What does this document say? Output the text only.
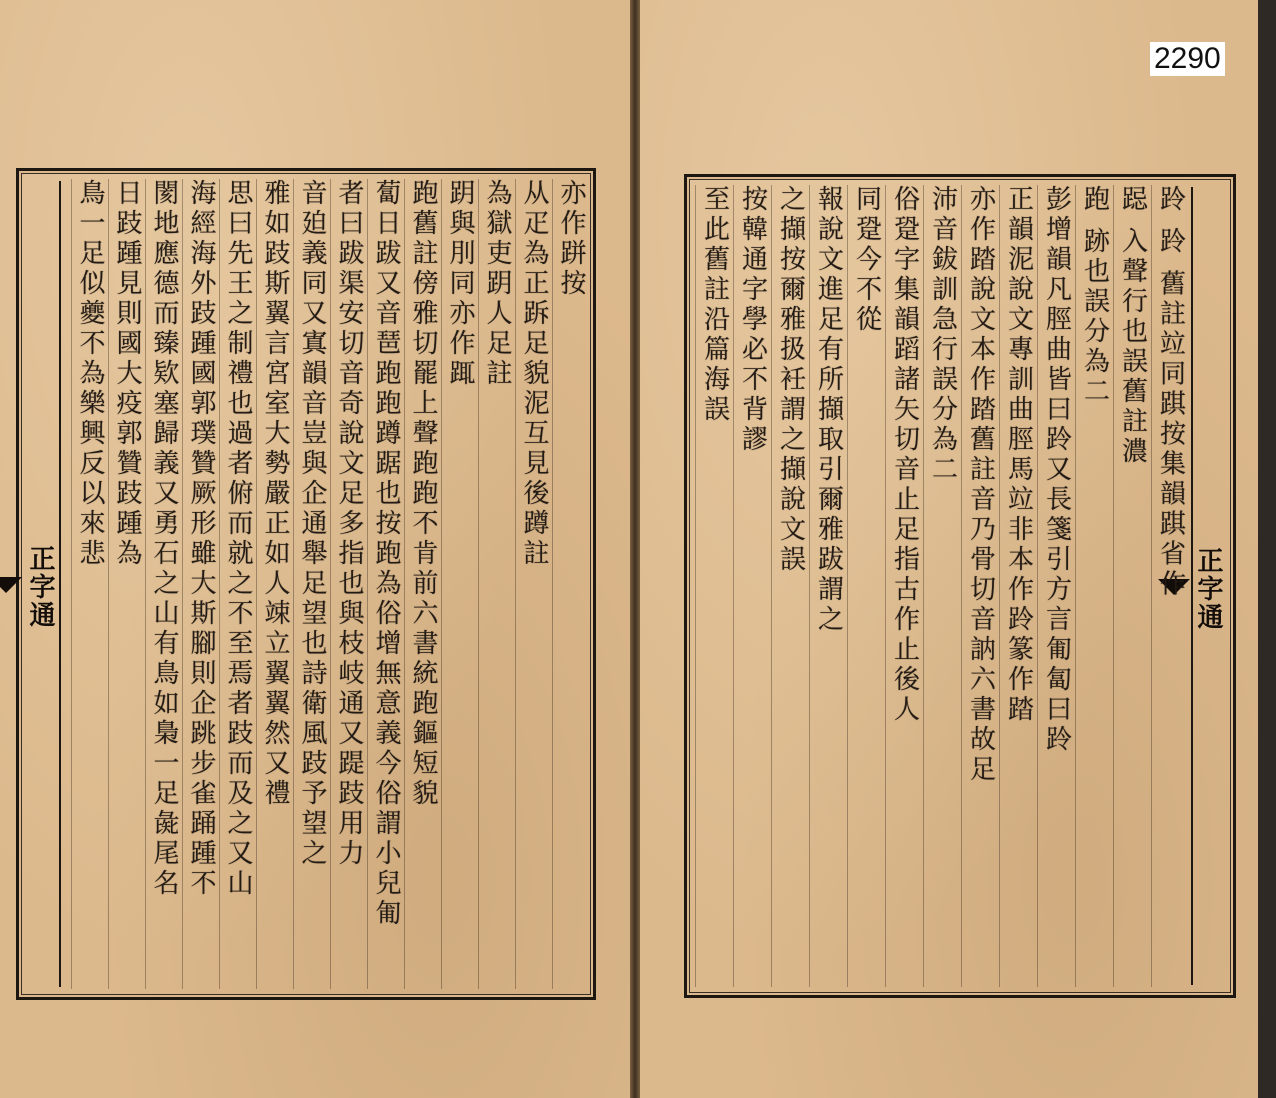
正字通
亦作跰按
从疋為正跅足貌泥互見後蹲註
為獄吏跀人足註
跀與刖同亦作踂
跑舊註傍雅切罷上聲跑跑不肯前六書統跑鏂短貌
蔔日跋又音琶跑跑蹲踞也按跑為俗增無意義今俗謂小兒匍
者曰跋渠安切音奇說文足多指也與枝岐通又踶跂用力
音廹義同又寘韻音豈與企通舉足望也詩衛風跂予望之
雅如跂斯翼言宮室大勢嚴正如人竦立翼翼然又禮
思曰先王之制禮也過者俯而就之不至焉者跂而及之又山
海經海外跂踵國郭璞贊厥形雖大斯腳則企跳步雀踊踵不
閡地應德而臻欵塞歸義又勇石之山有鳥如梟一足彘尾名
日跂踵見則國大疫郭贊跂踵為
鳥一足似夔不為樂興反以來悲
正字通
跉 跉 舊註竝同踑按集韻踑省作
跽 入聲行也誤舊註濃
跑 跡也誤分為二
彭增韻凡脛曲皆曰跉又長箋引方言匍匐曰跉
正韻泥說文專訓曲脛馬竝非本作跉篆作踏
亦作踏說文本作踏舊註音乃骨切音訥六書故足
沛音鈸訓急行誤分為二
俗跫字集韻蹈諸矢切音止足指古作止後人
同跫今不從
報說文進足有所擷取引爾雅跋謂之
之擷按爾雅扱衽謂之擷說文誤
按韓通字學必不背謬
至此舊註沿篇海誤
2290
